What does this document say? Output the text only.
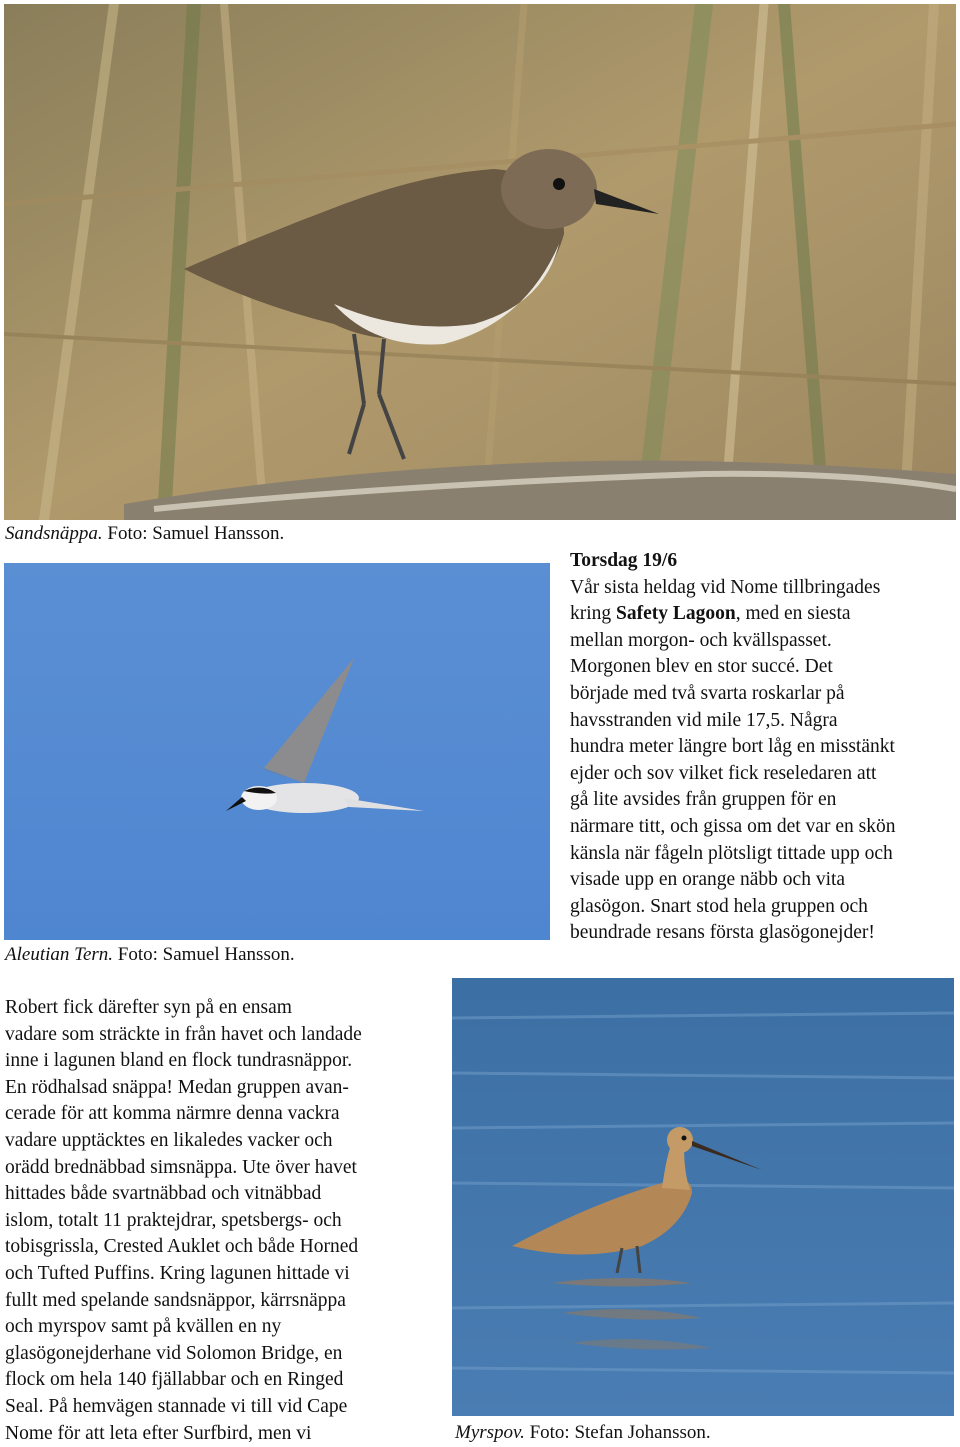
Sandsnäppa. Foto: Samuel Hansson.
Aleutian Tern. Foto: Samuel Hansson.
Torsdag 19/6
Vår sista heldag vid Nome tillbringades
kring Safety Lagoon, med en siesta
mellan morgon- och kvällspasset.
Morgonen blev en stor succé. Det
började med två svarta roskarlar på
havsstranden vid mile 17,5. Några
hundra meter längre bort låg en misstänkt
ejder och sov vilket fick reseledaren att
gå lite avsides från gruppen för en
närmare titt, och gissa om det var en skön
känsla när fågeln plötsligt tittade upp och
visade upp en orange näbb och vita
glasögon. Snart stod hela gruppen och
beundrade resans första glasögonejder!
Robert fick därefter syn på en ensam
vadare som sträckte in från havet och landade
inne i lagunen bland en flock tundrasnäppor.
En rödhalsad snäppa! Medan gruppen avan-
cerade för att komma närmre denna vackra
vadare upptäcktes en likaledes vacker och
orädd brednäbbad simsnäppa. Ute över havet
hittades både svartnäbbad och vitnäbbad
islom, totalt 11 praktejdrar, spetsbergs- och
tobisgrissla, Crested Auklet och både Horned
och Tufted Puffins. Kring lagunen hittade vi
fullt med spelande sandsnäppor, kärrsnäppa
och myrspov samt på kvällen en ny
glasögonejderhane vid Solomon Bridge, en
flock om hela 140 fjällabbar och en Ringed
Seal. På hemvägen stannade vi till vid Cape
Nome för att leta efter Surfbird, men vi	Myrspov. Foto: Stefan Johansson.
